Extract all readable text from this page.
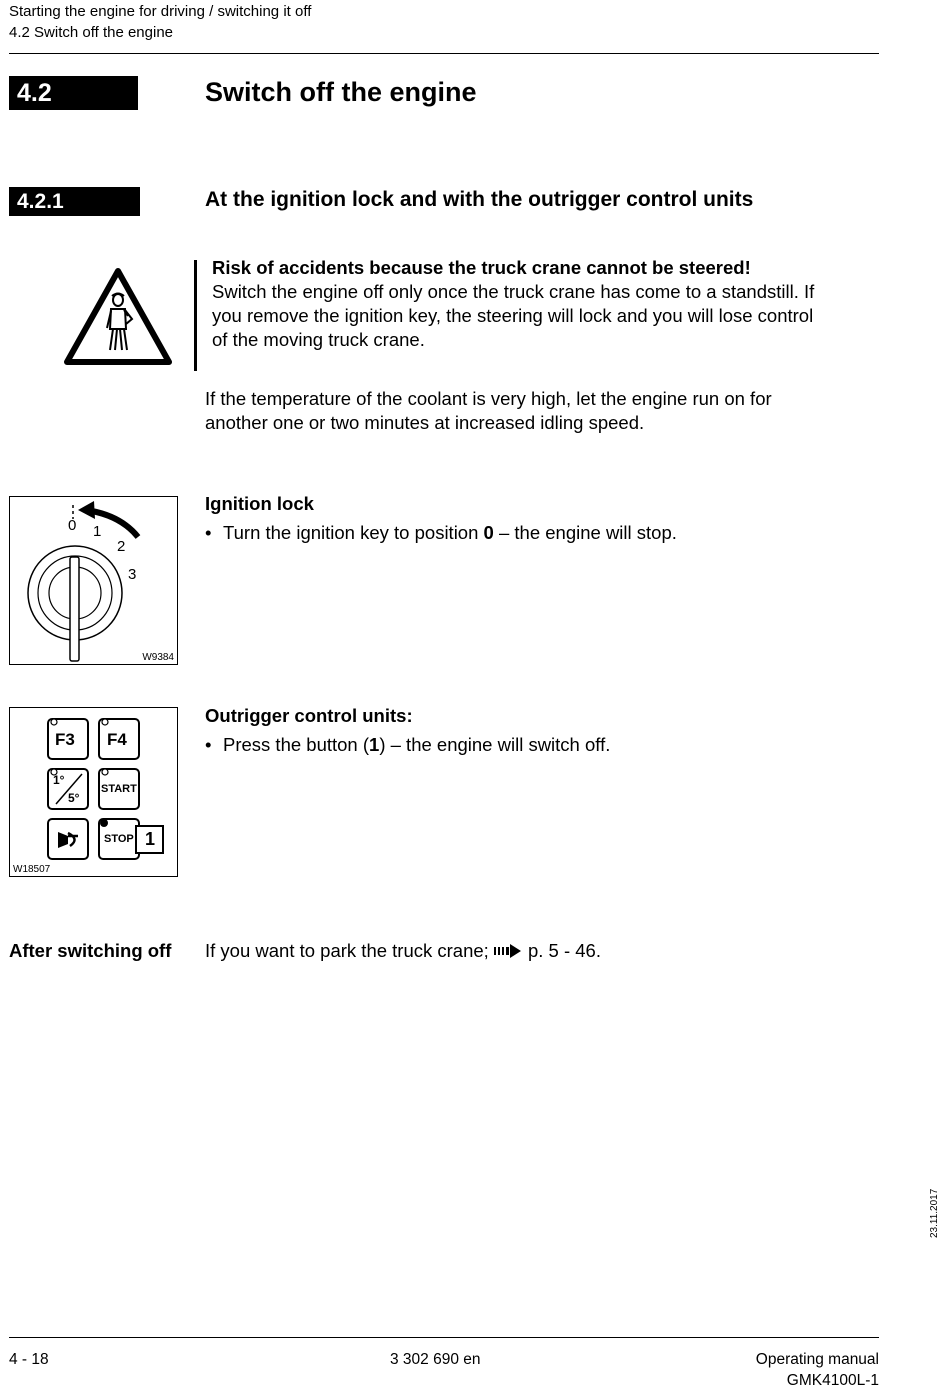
Starting the engine for driving / switching it off
4.2 Switch off the engine
4.2	Switch off the engine
4.2.1	At the ignition lock and with the outrigger control units
Risk of accidents because the truck crane cannot be steered!
Switch the engine off only once the truck crane has come to a standstill. If
you remove the ignition key, the steering will lock and you will lose control
of the moving truck crane.
If the temperature of the coolant is very high, let the engine run on for
another one or two minutes at increased idling speed.
0 1
2
3
W9384
Ignition lock
• Turn the ignition key to position 0 – the engine will stop.
F3 F4
1°
5°
START
STOP 1
W18507
Outrigger control units:
• Press the button (1) – the engine will switch off.
After switching off If you want to park the truck crane; p. 5 - 46.
23.11.2017
4 - 18	3 302 690 en	Operating manual
GMK4100L-1
